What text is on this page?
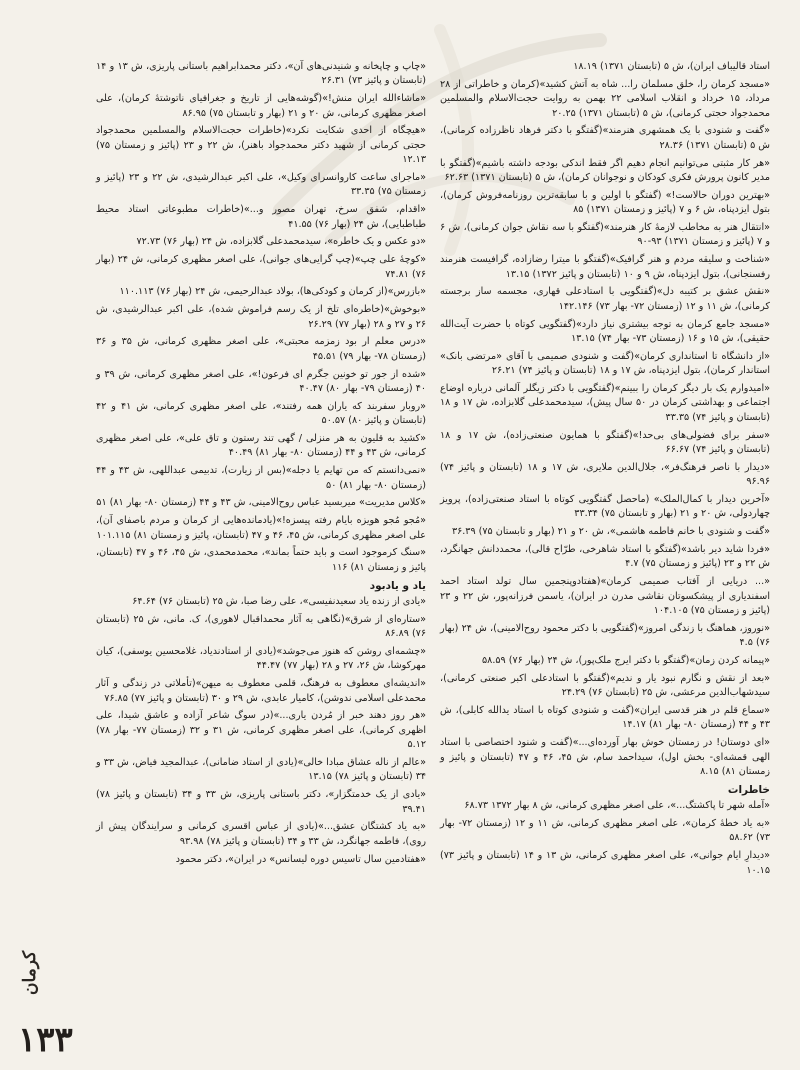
استاد قالیباف ایران)، ش ۵ (تابستان ۱۳۷۱) ۱۸.۱۹
«مسجد کرمان را، خلق مسلمان را... شاه به آتش کشید»(کرمان و خاطراتی از ۲۸ مرداد، ۱۵ خرداد و انقلاب اسلامی ۲۲ بهمن به روایت حجت‌الاسلام والمسلمین محمدجواد حجتی کرمانی)، ش ۵ (تابستان ۱۳۷۱) ۲۰.۲۵
«گفت و شنودی با یک همشهری هنرمند»(گفتگو با دکتر فرهاد ناظرزاده کرمانی)، ش ۵ (تابستان ۱۳۷۱) ۲۸.۳۶
«هر کار مثبتی می‌توانیم انجام دهیم اگر فقط اندکی بودجه داشته باشیم»(گفتگو با مدیر کانون پرورش فکری کودکان و نوجوانان کرمان)، ش ۵ (تابستان ۱۳۷۱) ۶۲.۶۳
«بهترین دوران حالاست!» (گفتگو با اولین و با سابقه‌ترین روزنامه‌فروش کرمان)، بتول ایزدپناه، ش ۶ و ۷ (پائیز و زمستان ۱۳۷۱) ۸۵
«انتقال هنر به مخاطب لازمهٔ کار هنرمند»(گفتگو با سه نقاش جوان کرمانی)، ش ۶ و ۷ (پائیز و زمستان ۱۳۷۱) ۹۳-۹۰
«شناخت و سلیقه مردم و هنر گرافیک»(گفتگو با میترا رضازاده، گرافیست هنرمند رفسنجانی)، بتول ایزدپناه، ش ۹ و ۱۰ (تابستان و پائیز ۱۳۷۲) ۱۳.۱۵
«نقش عشق بر کتیبه دل»(گفتگویی با استادعلی قهاری، مجسمه ساز برجسته کرمانی)، ش ۱۱ و ۱۲ (زمستان ۷۲- بهار ۷۳) ۱۴۲.۱۴۶
«مسجد جامع کرمان به توجه بیشتری نیاز دارد»(گفتگویی کوتاه با حضرت آیت‌الله حقیقی)، ش ۱۵ و ۱۶ (زمستان ۷۳- بهار ۷۴) ۱۳.۱۵
«از دانشگاه تا استانداری کرمان»(گفت و شنودی صمیمی با آقای «مرتضی بانک» استاندار کرمان)، بتول ایزدپناه، ش ۱۷ و ۱۸ (تابستان و پائیز ۷۴) ۲۶.۲۱
«امیدوارم یک بار دیگر کرمان را ببینم»(گفتگویی با دکتر زیگلر آلمانی درباره اوضاع اجتماعی و بهداشتی کرمان در ۵۰ سال پیش)، سیدمحمدعلی گلابزاده، ش ۱۷ و ۱۸ (تابستان و پائیز ۷۴) ۳۳.۳۵
«سفر برای فضولی‌های بی‌حد!»(گفتگو با همایون صنعتی‌زاده)، ش ۱۷ و ۱۸ (تابستان و پائیز ۷۴) ۶۶.۶۷
«دیدار با ناصر فرهنگ‌فر»، جلال‌الدین ملایری، ش ۱۷ و ۱۸ (تابستان و پائیز ۷۴) ۹۶.۹۶
«آخرین دیدار با کمال‌الملک» (ماحصل گفتگویی کوتاه با استاد صنعتی‌زاده)، پرویز چهاردولی، ش ۲۰ و ۲۱ (بهار و تابستان ۷۵) ۳۳.۳۴
«گفت و شنودی با خانم فاطمه هاشمی»، ش ۲۰ و ۲۱ (بهار و تابستان ۷۵) ۳۶.۳۹
«فردا شاید دیر باشد»(گفتگو با استاد شاهرخی، طرّاح قالی)، محمددانش جهانگرد، ش ۲۲ و ۲۳ (پائیز و زمستان ۷۵) ۴.۷
«... دریایی از آفتاب صمیمی کرمان»(هفتادوپنجمین سال تولد استاد احمد اسفندیاری از پیشکسوتان نقاشی مدرن در ایران)، یاسمن فرزانه‌پور، ش ۲۲ و ۲۳ (پائیز و زمستان ۷۵) ۱۰۴.۱۰۵
«نوروز، هماهنگ با زندگی امروز»(گفتگویی با دکتر محمود روح‌الامینی)، ش ۲۴ (بهار ۷۶) ۴.۵
«پیمانه کردن زمان»(گفتگو با دکتر ایرج ملک‌پور)، ش ۲۴ (بهار ۷۶) ۵۸.۵۹
«بعد از نقش و نگارم نبود یار و ندیم»(گفتگو با استادعلی اکبر صنعتی کرمانی)، سیدشهاب‌الدین مرعشی، ش ۲۵ (تابستان ۷۶) ۲۴.۲۹
«سماع قلم در هنر قدسی ایران»(گفت و شنودی کوتاه با استاد یدالله کابلی)، ش ۴۳ و ۴۴ (زمستان ۸۰- بهار ۸۱) ۱۴.۱۷
«ای دوستان! در زمستان خوش بهار آورده‌ای...»(گفت و شنود اختصاصی با استاد الهی قمشه‌ای- بخش اول)، سیداحمد سام، ش ۴۵، ۴۶ و ۴۷ (تابستان و پائیز و زمستان ۸۱) ۸.۱۵
خاطرات
«آمله شهر تا پاکشتگ...»، علی اصغر مظهری کرمانی، ش ۸ بهار ۱۳۷۲ ۶۸.۷۳
«به یاد خطهٔ کرمان»، علی اصغر مظهری کرمانی، ش ۱۱ و ۱۲ (زمستان ۷۲- بهار ۷۳) ۵۸.۶۲
«دیدارِ ایام جوانی»، علی اصغر مظهری کرمانی، ش ۱۳ و ۱۴ (تابستان و پائیز ۷۳) ۱۰.۱۵
«چاپ و چاپخانه و شنیدنی‌های آن»، دکتر محمدابراهیم باستانی پاریزی، ش ۱۳ و ۱۴ (تابستان و پائیز ۷۳) ۲۶.۳۱
«ماشاءالله ایران منش!»(گوشه‌هایی از تاریخ و جغرافیای ناتوشتهٔ کرمان)، علی اصغر مظهری کرمانی، ش ۲۰ و ۲۱ (بهار و تابستان ۷۵) ۸۶.۹۵
«هیچگاه از احدی شکایت نکرد»(خاطرات حجت‌الاسلام والمسلمین محمدجواد حجتی کرمانی از شهید دکتر محمدجواد باهنر)، ش ۲۲ و ۲۳ (پائیز و زمستان ۷۵) ۱۲.۱۳
«ماجرای ساعت کاروانسرای وکیل»، علی اکبر عبدالرشیدی، ش ۲۲ و ۲۳ (پائیز و زمستان ۷۵) ۳۳.۳۵
«اقدام، شفق سرخ، تهران مصور و...»(خاطرات مطبوعاتی استاد محیط طباطبایی)، ش ۲۴ (بهار ۷۶) ۴۱.۵۵
«دو عکس و یک خاطره»، سیدمحمدعلی گلابزاده، ش ۲۴ (بهار ۷۶) ۷۲.۷۳
«کوچهٔ علی چپ»(چپ گرایی‌های جوانی)، علی اصغر مظهری کرمانی، ش ۲۴ (بهار ۷۶) ۷۴.۸۱
«بازرس»(از کرمان و کودکی‌ها)، بولاد عبدالرحیمی، ش ۲۴ (بهار ۷۶) ۱۱۰.۱۱۳
«بوخوش»(خاطره‌ای تلخ از یک رسم فراموش شده)، علی اکبر عبدالرشیدی، ش ۲۶ و ۲۷ و ۲۸ (بهار ۷۷) ۲۶.۲۹
«درس معلم ار بود زمزمه محبتی»، علی اصغر مظهری کرمانی، ش ۳۵ و ۳۶ (زمستان ۷۸- بهار ۷۹) ۴۵.۵۱
«شده از جور تو خونین جگرم ای فرعون!»، علی اصغر مظهری کرمانی، ش ۳۹ و ۴۰ (زمستان ۷۹- بهار ۸۰) ۴۰.۴۷
«روبار سفربند که یاران همه رفتند»، علی اصغر مظهری کرمانی، ش ۴۱ و ۴۲ (تابستان و پائیز ۸۰) ۵۰.۵۷
«کشید به قلیون به هر منزلی / گهی تند رستون و تاق علی»، علی اصغر مظهری کرمانی، ش ۴۳ و ۴۴ (زمستان ۸۰- بهار ۸۱) ۴۰.۴۹
«نمی‌دانستم که من تهایم یا دجله»(بس از زیارت)، تدبیمی عبداللهی، ش ۴۳ و ۴۴ (زمستان ۸۰- بهار ۸۱) ۵۰
«کلاس مدیریت» میربسید عباس روح‌الامینی، ش ۴۳ و ۴۴ (زمستان ۸۰- بهار ۸۱) ۵۱
«مُجو مُجو هویزه بایام رفته پیسزه!»(یادمانده‌هایی از کرمان و مردم باصفای آن)، علی اصغر مظهری کرمانی، ش ۴۵، ۴۶ و ۴۷ (تابستان، پائیز و زمستان ۸۱) ۱۰۱.۱۱۵
«سنگ کرموجود است و باید حتماً بماند»، محمدمحمدی، ش ۴۵، ۴۶ و ۴۷ (تابستان، پائیز و زمستان ۸۱) ۱۱۶
یاد و یادبود
«یادی از زنده یاد سعیدنفیسی»، علی رضا صبا، ش ۲۵ (تابستان ۷۶) ۶۴.۶۴
«ستاره‌ای از شرق»(نگاهی به آثار محمداقبال لاهوری)، ک. مانی، ش ۲۵ (تابستان ۷۶) ۸۶.۸۹
«چشمه‌ای روشن که هنوز می‌جوشد»(یادی از استادندیاد، غلامحسین یوسفی)، کیان مهرکوشا، ش ۲۶، ۲۷ و ۲۸ (بهار ۷۷) ۴۴.۴۷
«اندیشه‌ای معطوف به فرهنگ، قلمی معطوف به میهن»(تأملاتی در زندگی و آثار محمدعلی اسلامی ندوشن)، کامیار عابدی، ش ۲۹ و ۳۰ (تابستان و پائیز ۷۷) ۷۶.۸۵
«هر روز دهند خبر از مُردن یاری...»(در سوگ شاعر آزاده و عاشق شیدا، علی اظهری کرمانی)، علی اصغر مظهری کرمانی، ش ۳۱ و ۳۲ (زمستان ۷۷- بهار ۷۸) ۵.۱۲
«عالم از ناله عشاق مبادا خالی»(یادی از استاد ضامانی)، عبدالمجید فیاض، ش ۳۳ و ۳۴ (تابستان و پائیز ۷۸) ۱۳.۱۵
«یادی از یک خدمتگزار»، دکتر باستانی پاریزی، ش ۳۳ و ۳۴ (تابستان و پائیز ۷۸) ۳۹.۴۱
«به یاد کشتگان عشق...»(یادی از عباس اقسری کرمانی و سرایندگان پیش از روی)، فاطمه جهانگرد، ش ۳۳ و ۳۴ (تابستان و پائیز ۷۸) ۹۳.۹۸
«هفتادمین سال تاسیس دوره لیسانس» در ایران»، دکتر محمود
کرمان
۱۳۳
